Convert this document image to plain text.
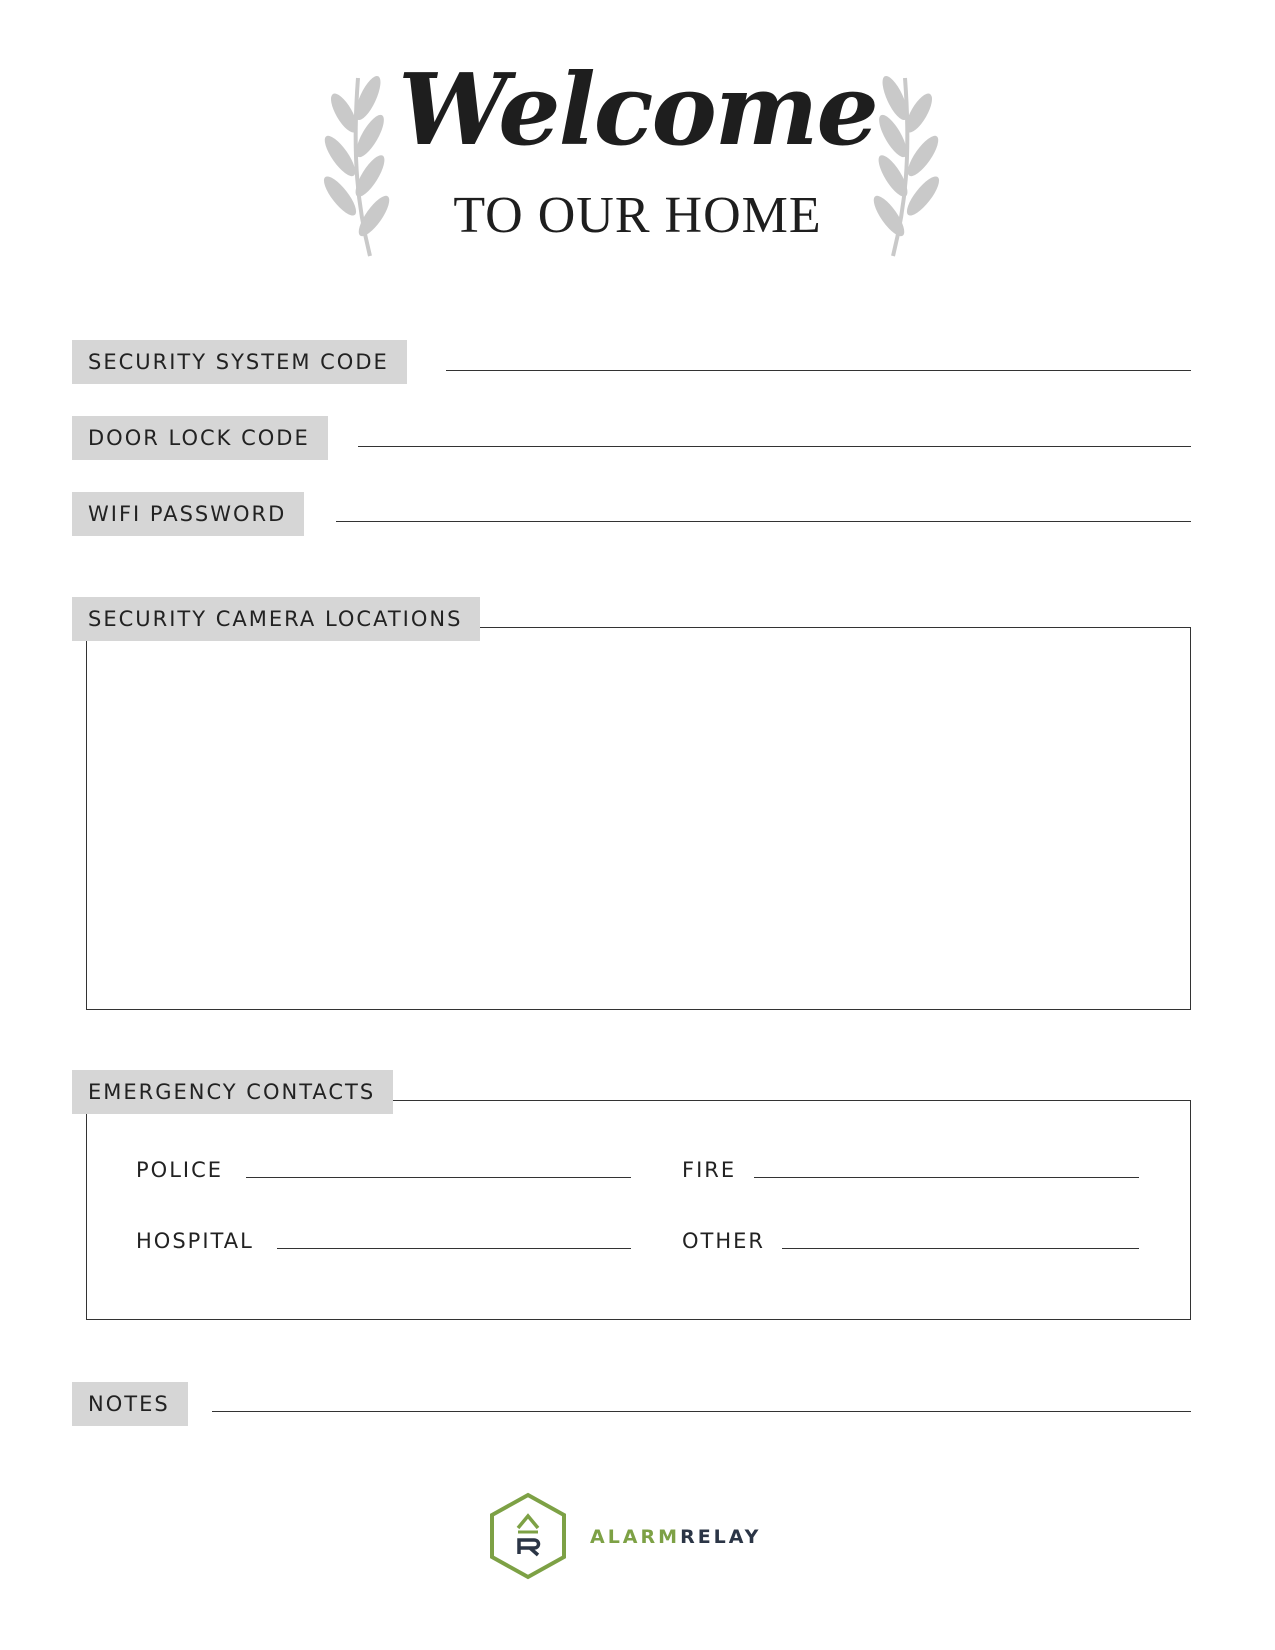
Welcome
TO OUR HOME
SECURITY SYSTEM CODE
DOOR LOCK CODE
WIFI PASSWORD
SECURITY CAMERA LOCATIONS
EMERGENCY CONTACTS
POLICE	FIRE
HOSPITAL	OTHER
NOTES
ALARMRELAY
